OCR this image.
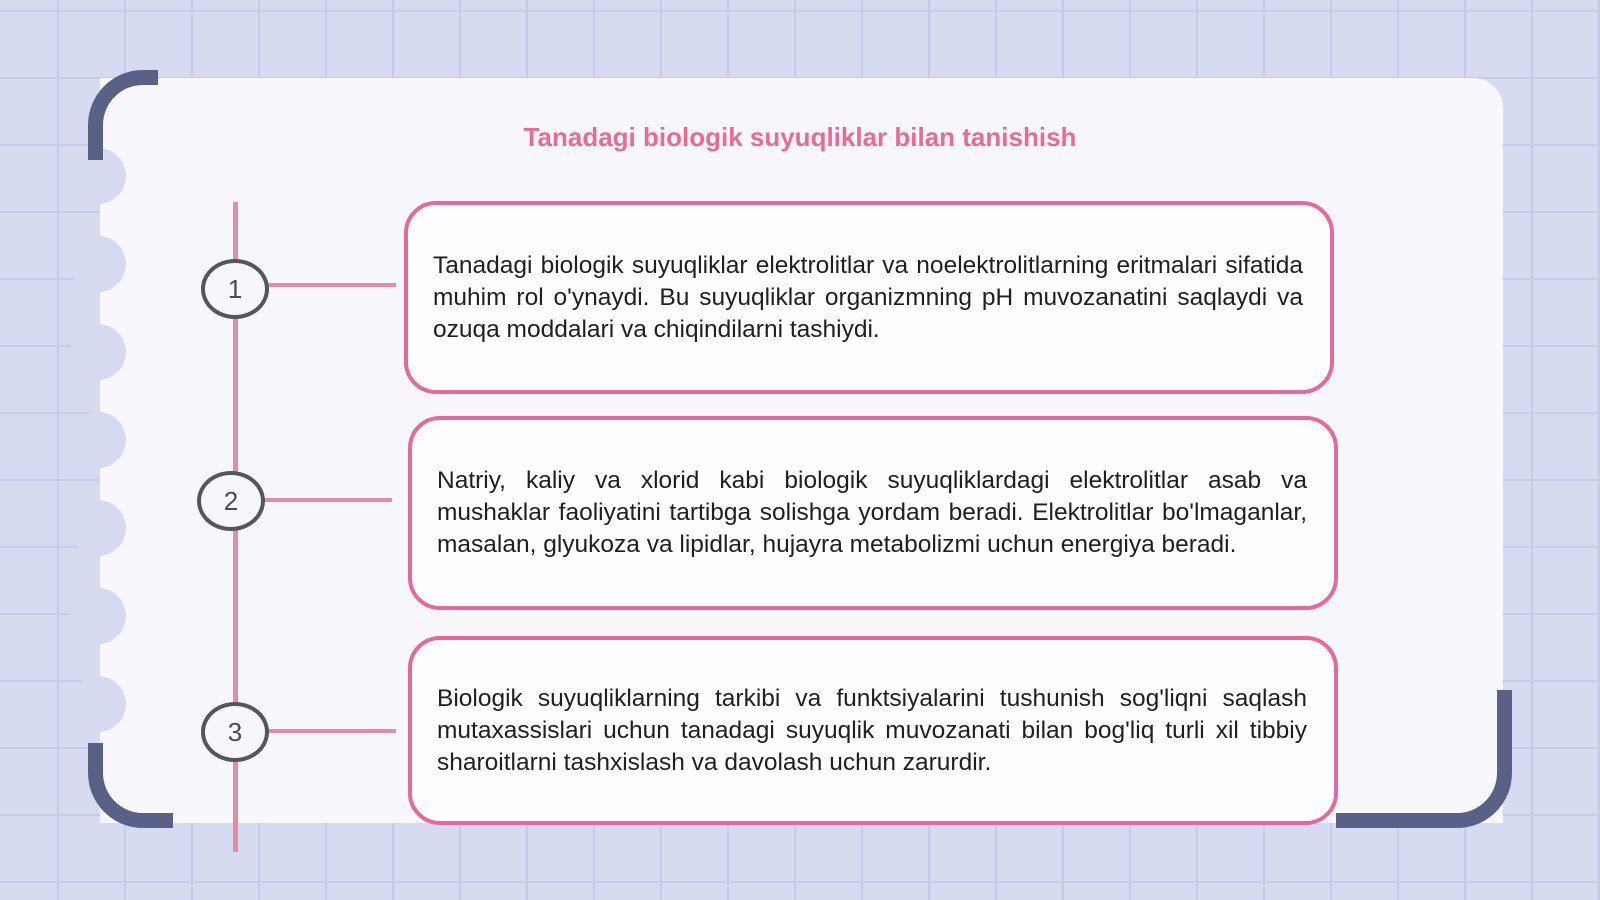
Tanadagi biologik suyuqliklar bilan tanishish
1
2
3

Tanadagi biologik suyuqliklar elektrolitlar va noelektrolitlarning eritmalari sifatida muhim rol o'ynaydi. Bu suyuqliklar organizmning pH muvozanatini saqlaydi va ozuqa moddalari va chiqindilarni tashiydi.

Natriy, kaliy va xlorid kabi biologik suyuqliklardagi elektrolitlar asab va mushaklar faoliyatini tartibga solishga yordam beradi. Elektrolitlar bo'lmaganlar, masalan, glyukoza va lipidlar, hujayra metabolizmi uchun energiya beradi.

Biologik suyuqliklarning tarkibi va funktsiyalarini tushunish sog'liqni saqlash mutaxassislari uchun tanadagi suyuqlik muvozanati bilan bog'liq turli xil tibbiy sharoitlarni tashxislash va davolash uchun zarurdir.
